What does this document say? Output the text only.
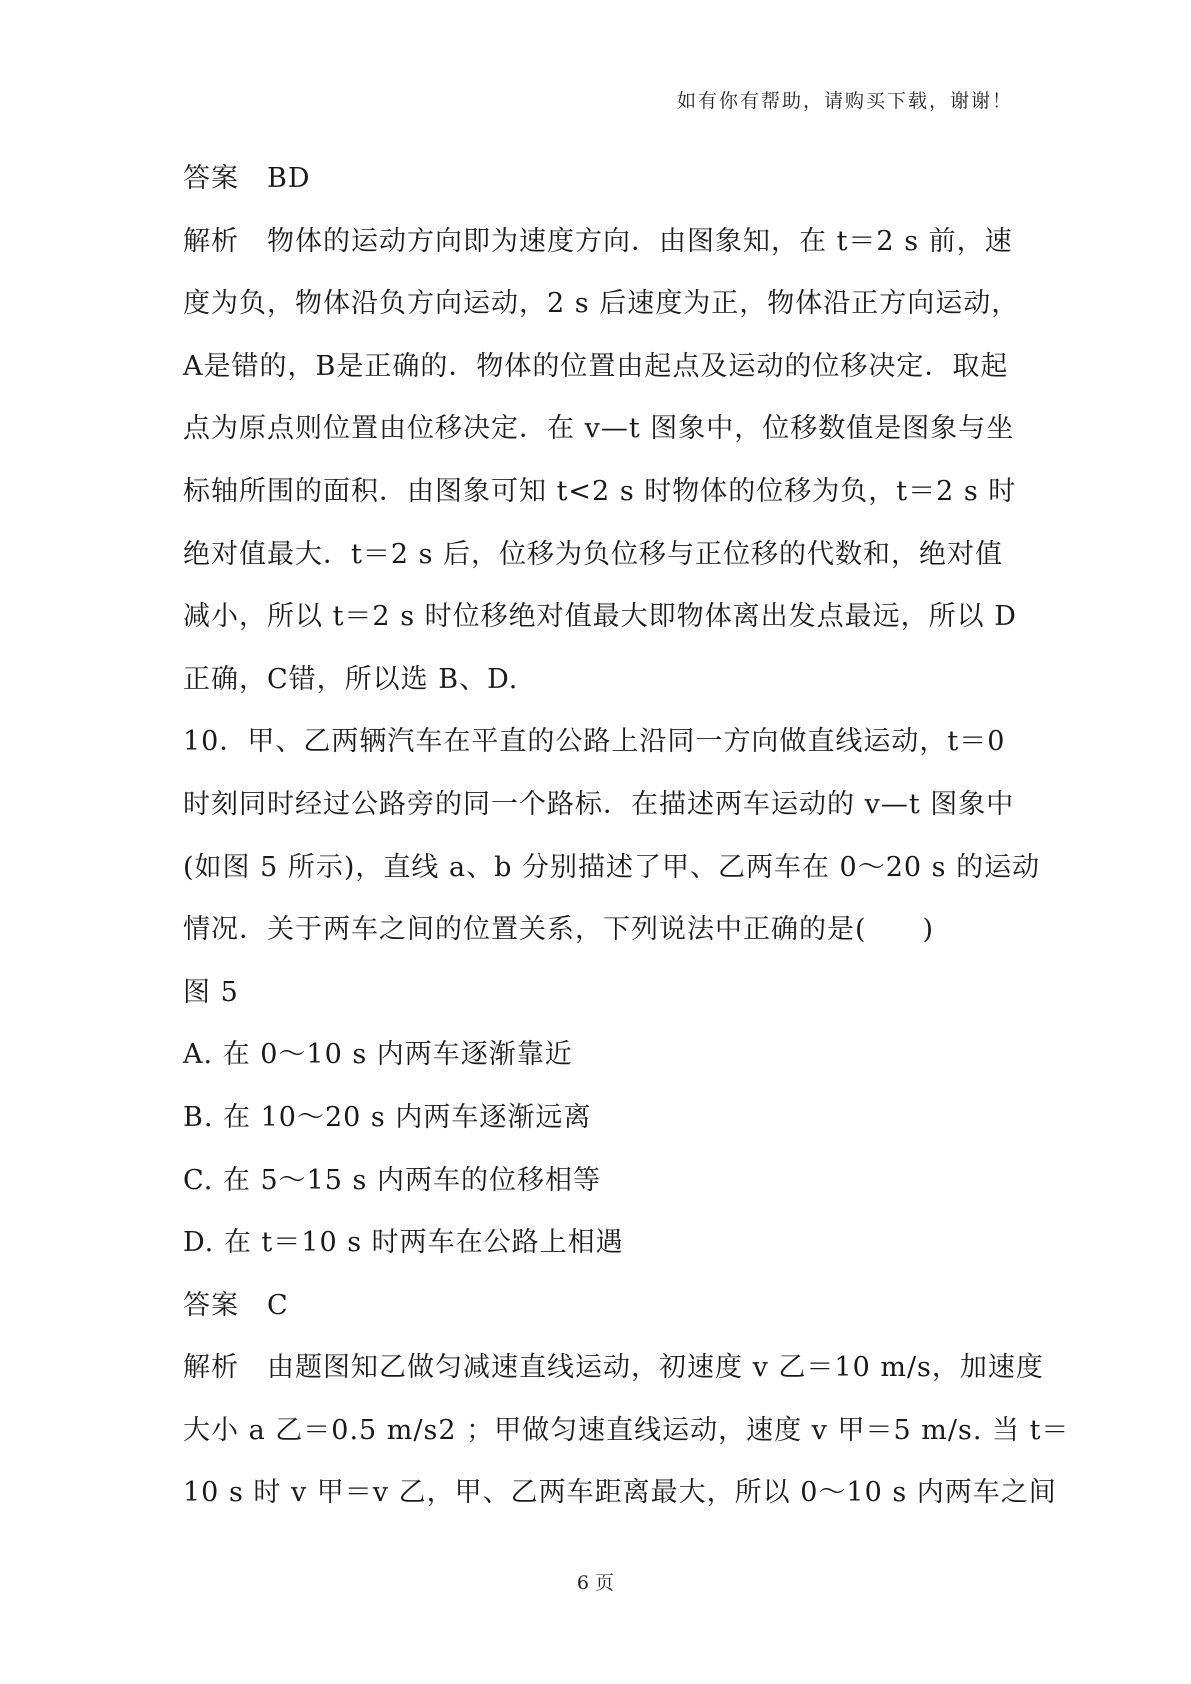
如有你有帮助，请购买下载，谢谢！
答案　BD
解析　物体的运动方向即为速度方向．由图象知，在 t＝2 s 前，速
度为负，物体沿负方向运动，2 s 后速度为正，物体沿正方向运动，
A是错的，B是正确的．物体的位置由起点及运动的位移决定．取起
点为原点则位置由位移决定．在 v—t 图象中，位移数值是图象与坐
标轴所围的面积．由图象可知 t<2 s 时物体的位移为负，t＝2 s 时
绝对值最大．t＝2 s 后，位移为负位移与正位移的代数和，绝对值
减小，所以 t＝2 s 时位移绝对值最大即物体离出发点最远，所以 D
正确，C错，所以选 B、D.
10．甲、乙两辆汽车在平直的公路上沿同一方向做直线运动，t＝0
时刻同时经过公路旁的同一个路标．在描述两车运动的 v—t 图象中
(如图 5 所示)，直线 a、b 分别描述了甲、乙两车在 0～20 s 的运动
情况．关于两车之间的位置关系，下列说法中正确的是(　　)
图 5
A. 在 0～10 s 内两车逐渐靠近
B. 在 10～20 s 内两车逐渐远离
C. 在 5～15 s 内两车的位移相等
D. 在 t＝10 s 时两车在公路上相遇
答案　C
解析　由题图知乙做匀减速直线运动，初速度 v 乙＝10 m/s，加速度
大小 a 乙＝0.5 m/s2 ；甲做匀速直线运动，速度 v 甲＝5 m/s. 当 t＝
10 s 时 v 甲＝v 乙，甲、乙两车距离最大，所以 0～10 s 内两车之间
6 页
